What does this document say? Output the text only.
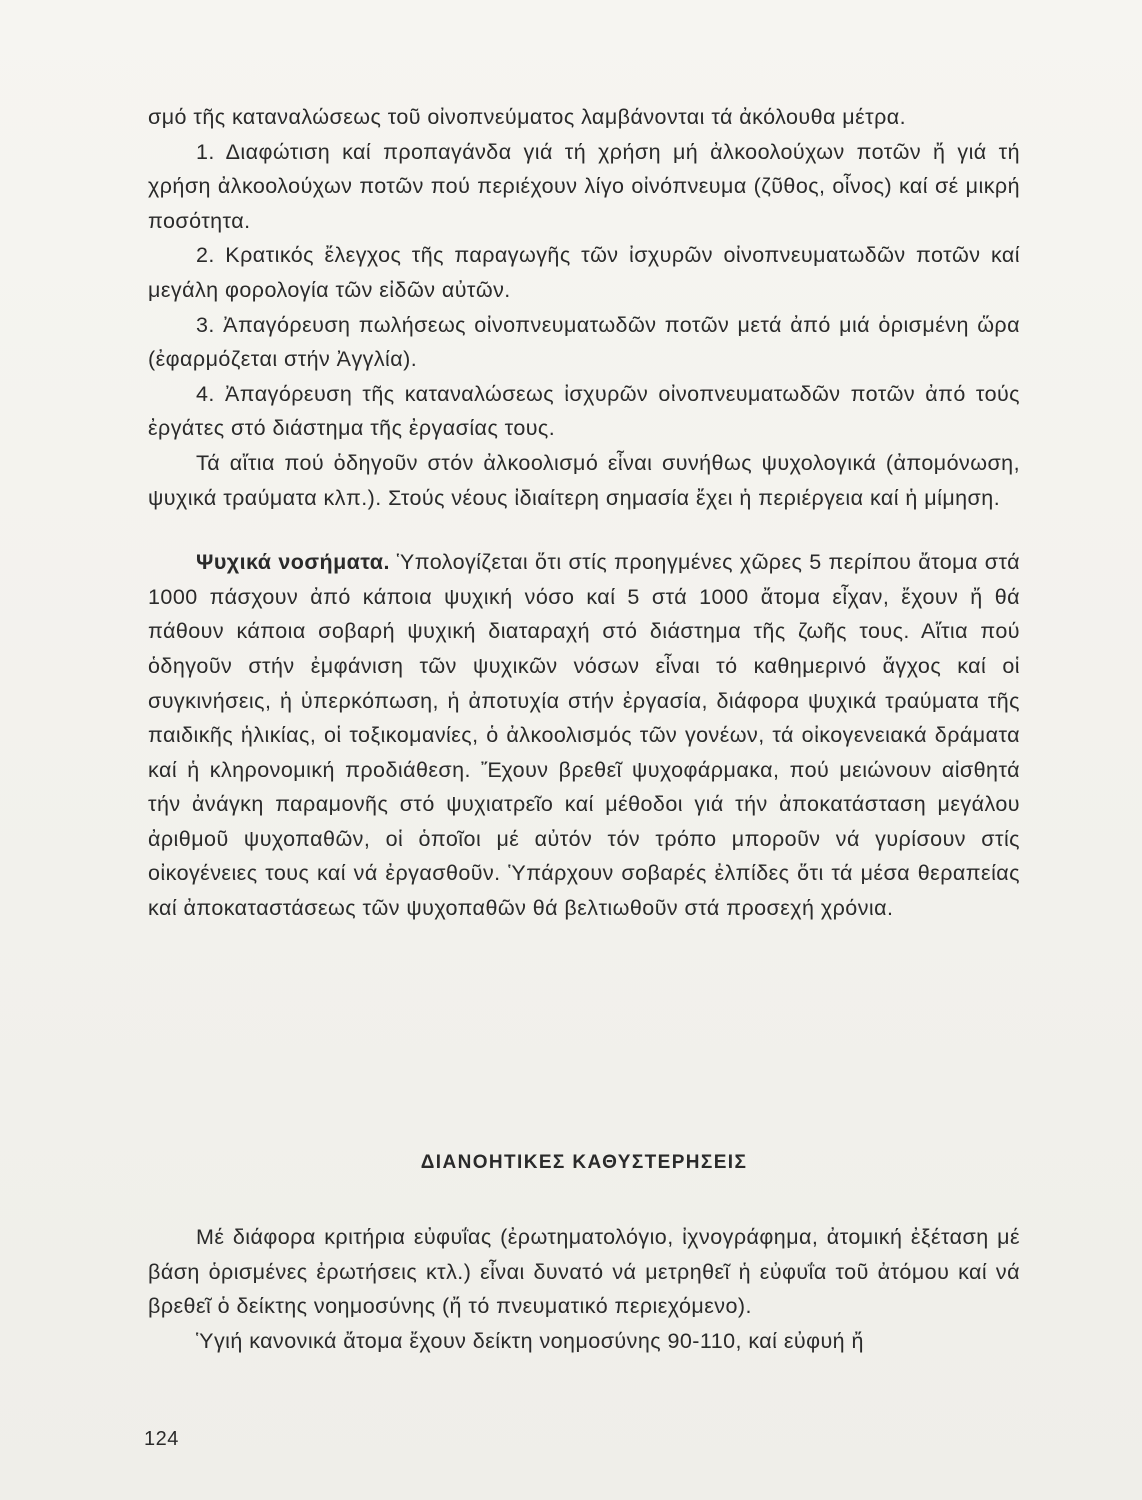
σμό τῆς καταναλώσεως τοῦ οἰνοπνεύματος λαμβάνονται τά ἀκόλουθα μέτρα.

1. Διαφώτιση καί προπαγάνδα γιά τή χρήση μή ἀλκοολούχων ποτῶν ἤ γιά τή χρήση ἀλκοολούχων ποτῶν πού περιέχουν λίγο οἰνόπνευμα (ζῦθος, οἶνος) καί σέ μικρή ποσότητα.

2. Κρατικός ἔλεγχος τῆς παραγωγῆς τῶν ἰσχυρῶν οἰνοπνευματωδῶν ποτῶν καί μεγάλη φορολογία τῶν εἰδῶν αὐτῶν.

3. Ἀπαγόρευση πωλήσεως οἰνοπνευματωδῶν ποτῶν μετά ἀπό μιά ὁρισμένη ὥρα (ἐφαρμόζεται στήν Ἀγγλία).

4. Ἀπαγόρευση τῆς καταναλώσεως ἰσχυρῶν οἰνοπνευματωδῶν ποτῶν ἀπό τούς ἐργάτες στό διάστημα τῆς ἐργασίας τους.

Τά αἴτια πού ὁδηγοῦν στόν ἀλκοολισμό εἶναι συνήθως ψυχολογικά (ἀπομόνωση, ψυχικά τραύματα κλπ.). Στούς νέους ἰδιαίτερη σημασία ἔχει ἡ περιέργεια καί ἡ μίμηση.

Ψυχικά νοσήματα. Ὑπολογίζεται ὅτι στίς προηγμένες χῶρες 5 περίπου ἄτομα στά 1000 πάσχουν ἀπό κάποια ψυχική νόσο καί 5 στά 1000 ἄτομα εἶχαν, ἔχουν ἤ θά πάθουν κάποια σοβαρή ψυχική διαταραχή στό διάστημα τῆς ζωῆς τους. Αἴτια πού ὁδηγοῦν στήν ἐμφάνιση τῶν ψυχικῶν νόσων εἶναι τό καθημερινό ἄγχος καί οἱ συγκινήσεις, ἡ ὑπερκόπωση, ἡ ἀποτυχία στήν ἐργασία, διάφορα ψυχικά τραύματα τῆς παιδικῆς ἡλικίας, οἱ τοξικομανίες, ὁ ἀλκοολισμός τῶν γονέων, τά οἰκογενειακά δράματα καί ἡ κληρονομική προδιάθεση. Ἔχουν βρεθεῖ ψυχοφάρμακα, πού μειώνουν αἰσθητά τήν ἀνάγκη παραμονῆς στό ψυχιατρεῖο καί μέθοδοι γιά τήν ἀποκατάσταση μεγάλου ἀριθμοῦ ψυχοπαθῶν, οἱ ὁποῖοι μέ αὐτόν τόν τρόπο μποροῦν νά γυρίσουν στίς οἰκογένειες τους καί νά ἐργασθοῦν. Ὑπάρχουν σοβαρές ἐλπίδες ὅτι τά μέσα θεραπείας καί ἀποκαταστάσεως τῶν ψυχοπαθῶν θά βελτιωθοῦν στά προσεχή χρόνια.

ΔΙΑΝΟΗΤΙΚΕΣ ΚΑΘΥΣΤΕΡΗΣΕΙΣ

Μέ διάφορα κριτήρια εὐφυΐας (ἐρωτηματολόγιο, ἰχνογράφημα, ἀτομική ἐξέταση μέ βάση ὁρισμένες ἐρωτήσεις κτλ.) εἶναι δυνατό νά μετρηθεῖ ἡ εὐφυΐα τοῦ ἀτόμου καί νά βρεθεῖ ὁ δείκτης νοημοσύνης (ἤ τό πνευματικό περιεχόμενο).

Ὑγιή κανονικά ἄτομα ἔχουν δείκτη νοημοσύνης 90-110, καί εὐφυή ἤ

124
